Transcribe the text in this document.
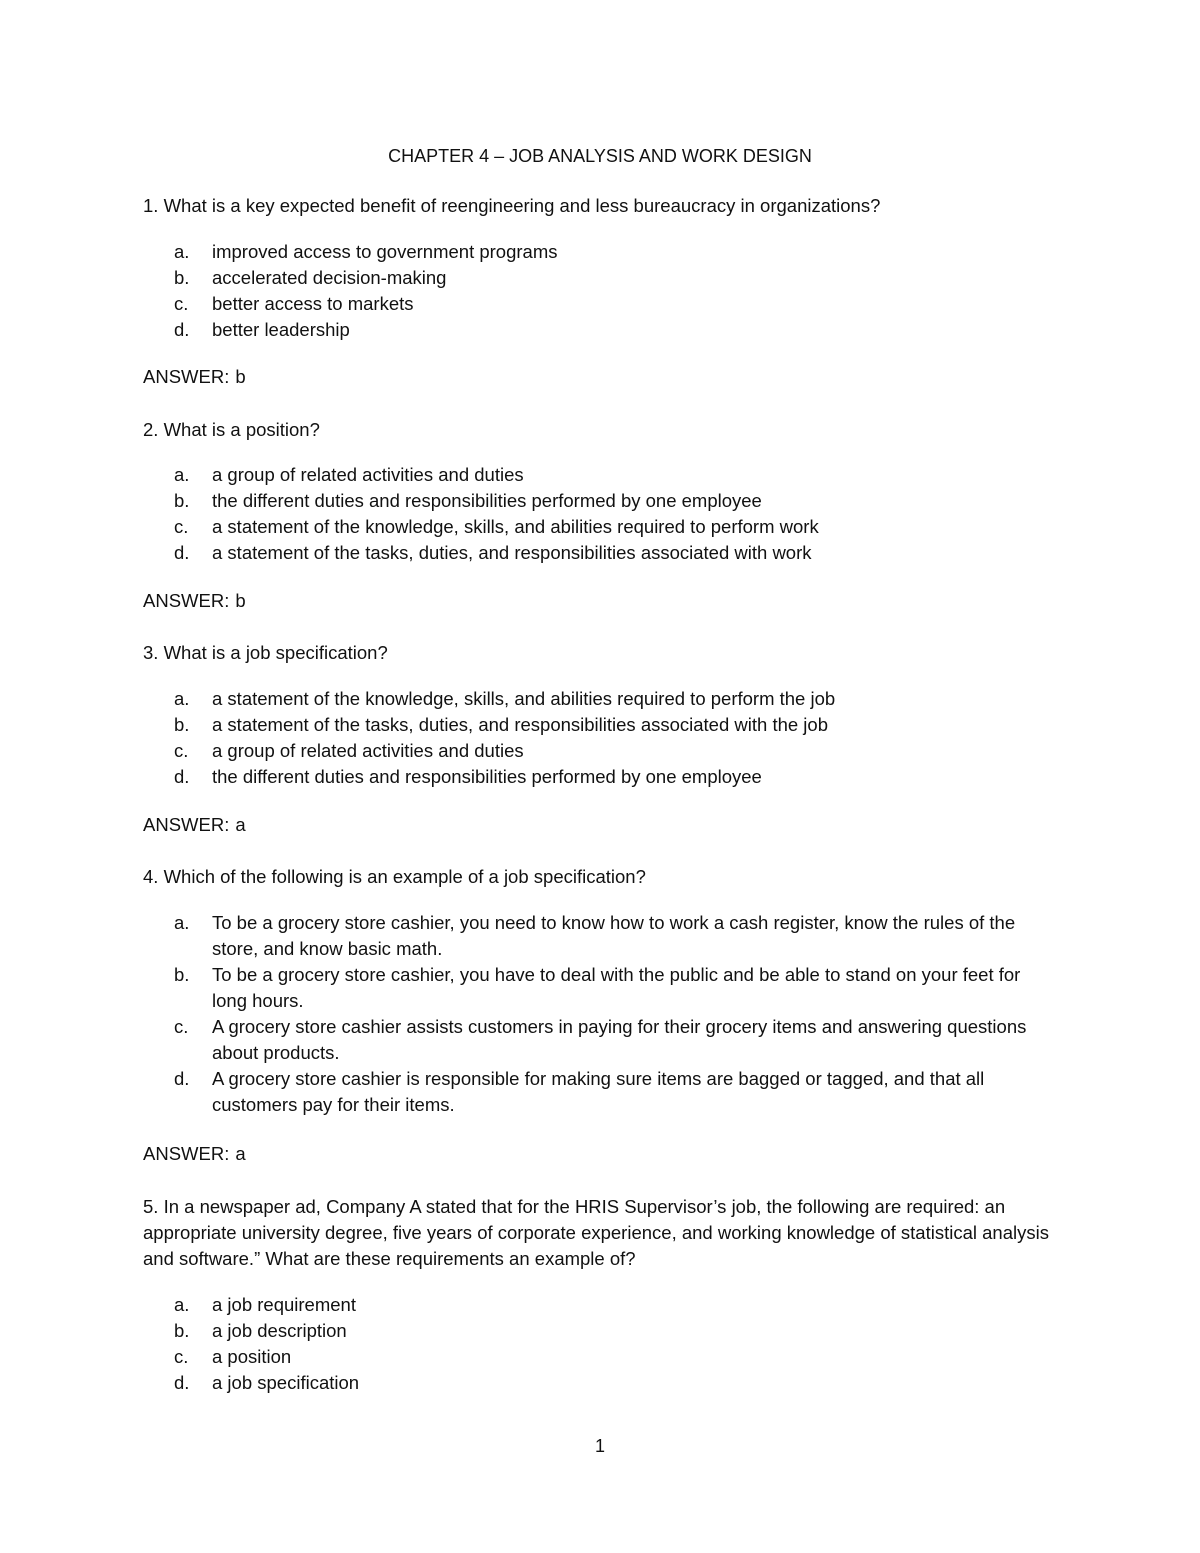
CHAPTER 4 – JOB ANALYSIS AND WORK DESIGN
1. What is a key expected benefit of reengineering and less bureaucracy in organizations?
a. improved access to government programs
b. accelerated decision-making
c. better access to markets
d. better leadership
ANSWER: b
2. What is a position?
a. a group of related activities and duties
b. the different duties and responsibilities performed by one employee
c. a statement of the knowledge, skills, and abilities required to perform work
d. a statement of the tasks, duties, and responsibilities associated with work
ANSWER: b
3. What is a job specification?
a. a statement of the knowledge, skills, and abilities required to perform the job
b. a statement of the tasks, duties, and responsibilities associated with the job
c. a group of related activities and duties
d. the different duties and responsibilities performed by one employee
ANSWER: a
4. Which of the following is an example of a job specification?
a. To be a grocery store cashier, you need to know how to work a cash register, know the rules of the store, and know basic math.
b. To be a grocery store cashier, you have to deal with the public and be able to stand on your feet for long hours.
c. A grocery store cashier assists customers in paying for their grocery items and answering questions about products.
d. A grocery store cashier is responsible for making sure items are bagged or tagged, and that all customers pay for their items.
ANSWER: a
5. In a newspaper ad, Company A stated that for the HRIS Supervisor’s job, the following are required: an appropriate university degree, five years of corporate experience, and working knowledge of statistical analysis and software.” What are these requirements an example of?
a. a job requirement
b. a job description
c. a position
d. a job specification
1
